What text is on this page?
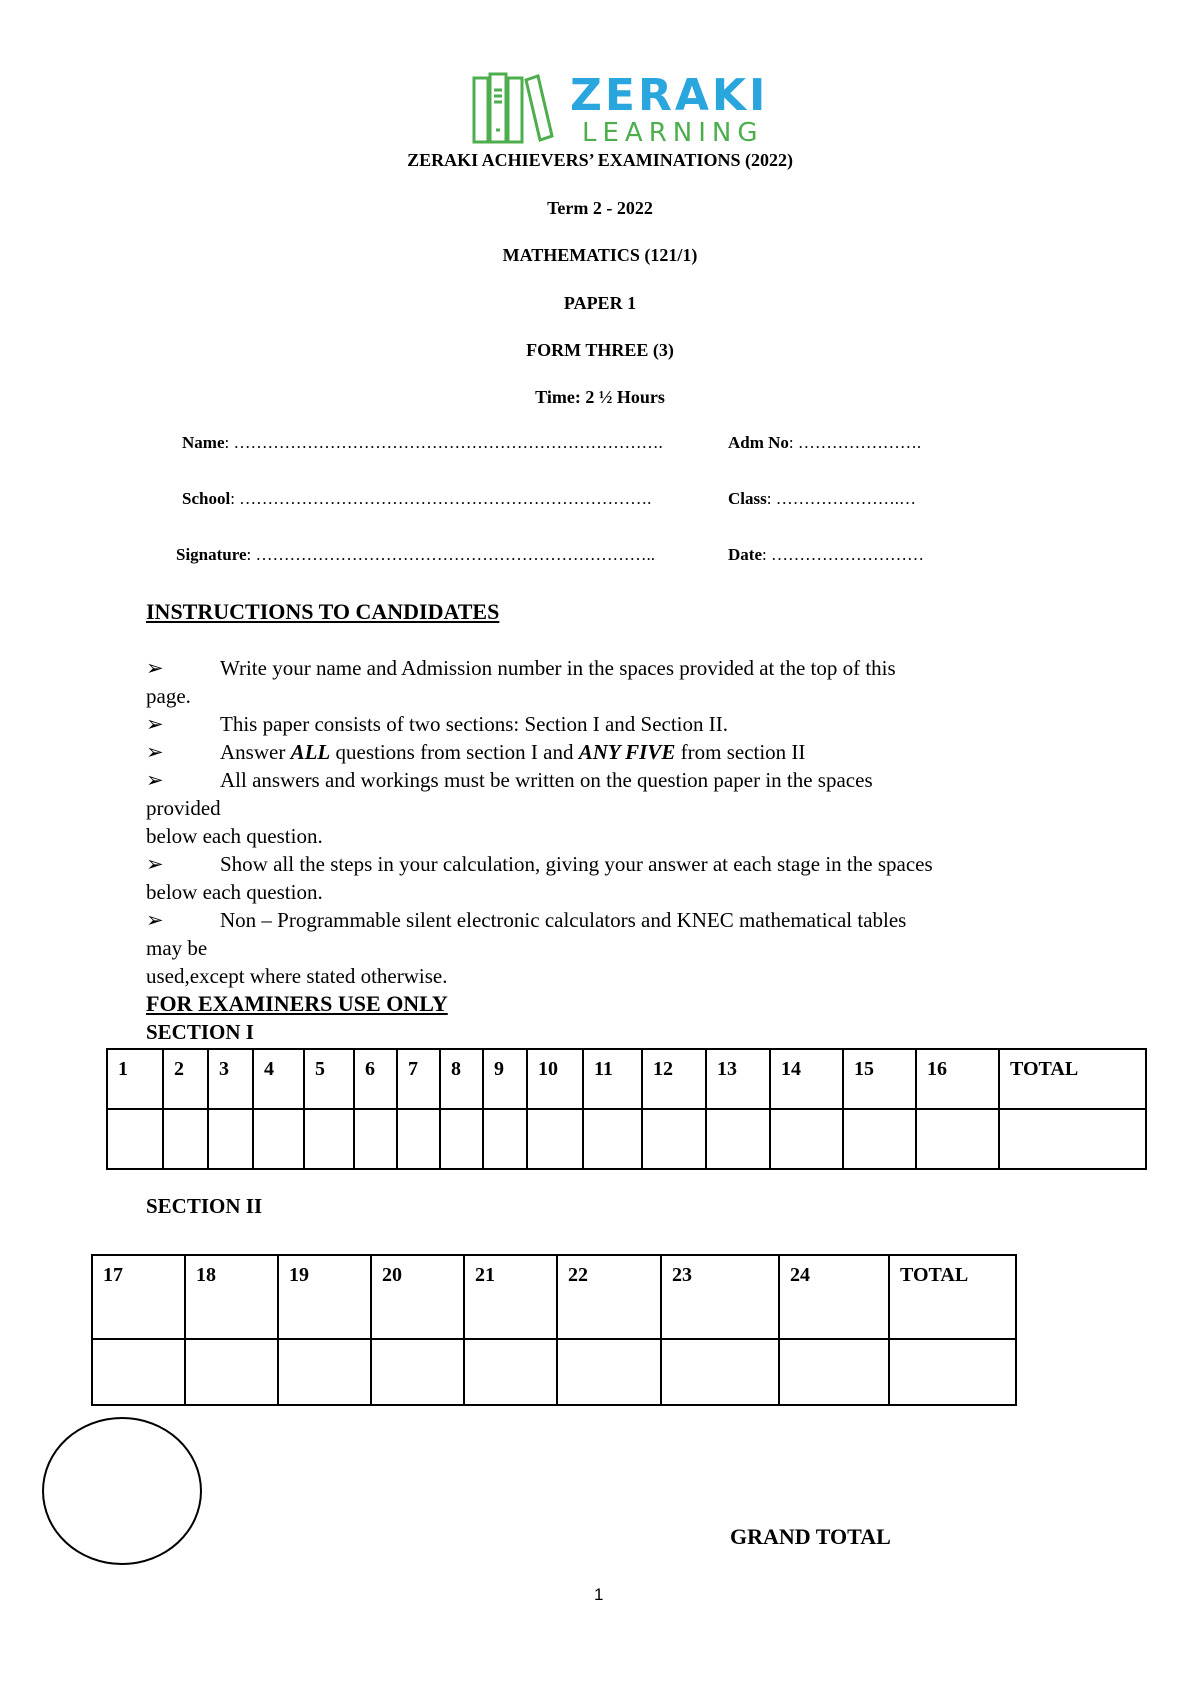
ZERAKI
LEARNING
ZERAKI ACHIEVERS’ EXAMINATIONS (2022)
Term 2 - 2022
MATHEMATICS (121/1)
PAPER 1
FORM THREE (3)
Time: 2 ½ Hours
Name: ………………………………………………………………….	Adm No: ………………….
School: ……………………………………………………………….	Class: ………………….…
Signature: ……………………………………………………………..	Date: ………………………
INSTRUCTIONS TO CANDIDATES
➢	Write your name and Admission number in the spaces provided at the top of this
page.
➢	This paper consists of two sections: Section I and Section II.
➢	Answer ALL questions from section I and ANY FIVE from section II
➢	All answers and workings must be written on the question paper in the spaces
provided
below each question.
➢	Show all the steps in your calculation, giving your answer at each stage in the spaces
below each question.
➢	Non – Programmable silent electronic calculators and KNEC mathematical tables
may be
used,except where stated otherwise.
FOR EXAMINERS USE ONLY
SECTION I
1	2	3	4	5	6	7	8	9	10	11	12	13	14	15	16	TOTAL

SECTION II
17	18	19	20	21	22	23	24	TOTAL

GRAND TOTAL
1
